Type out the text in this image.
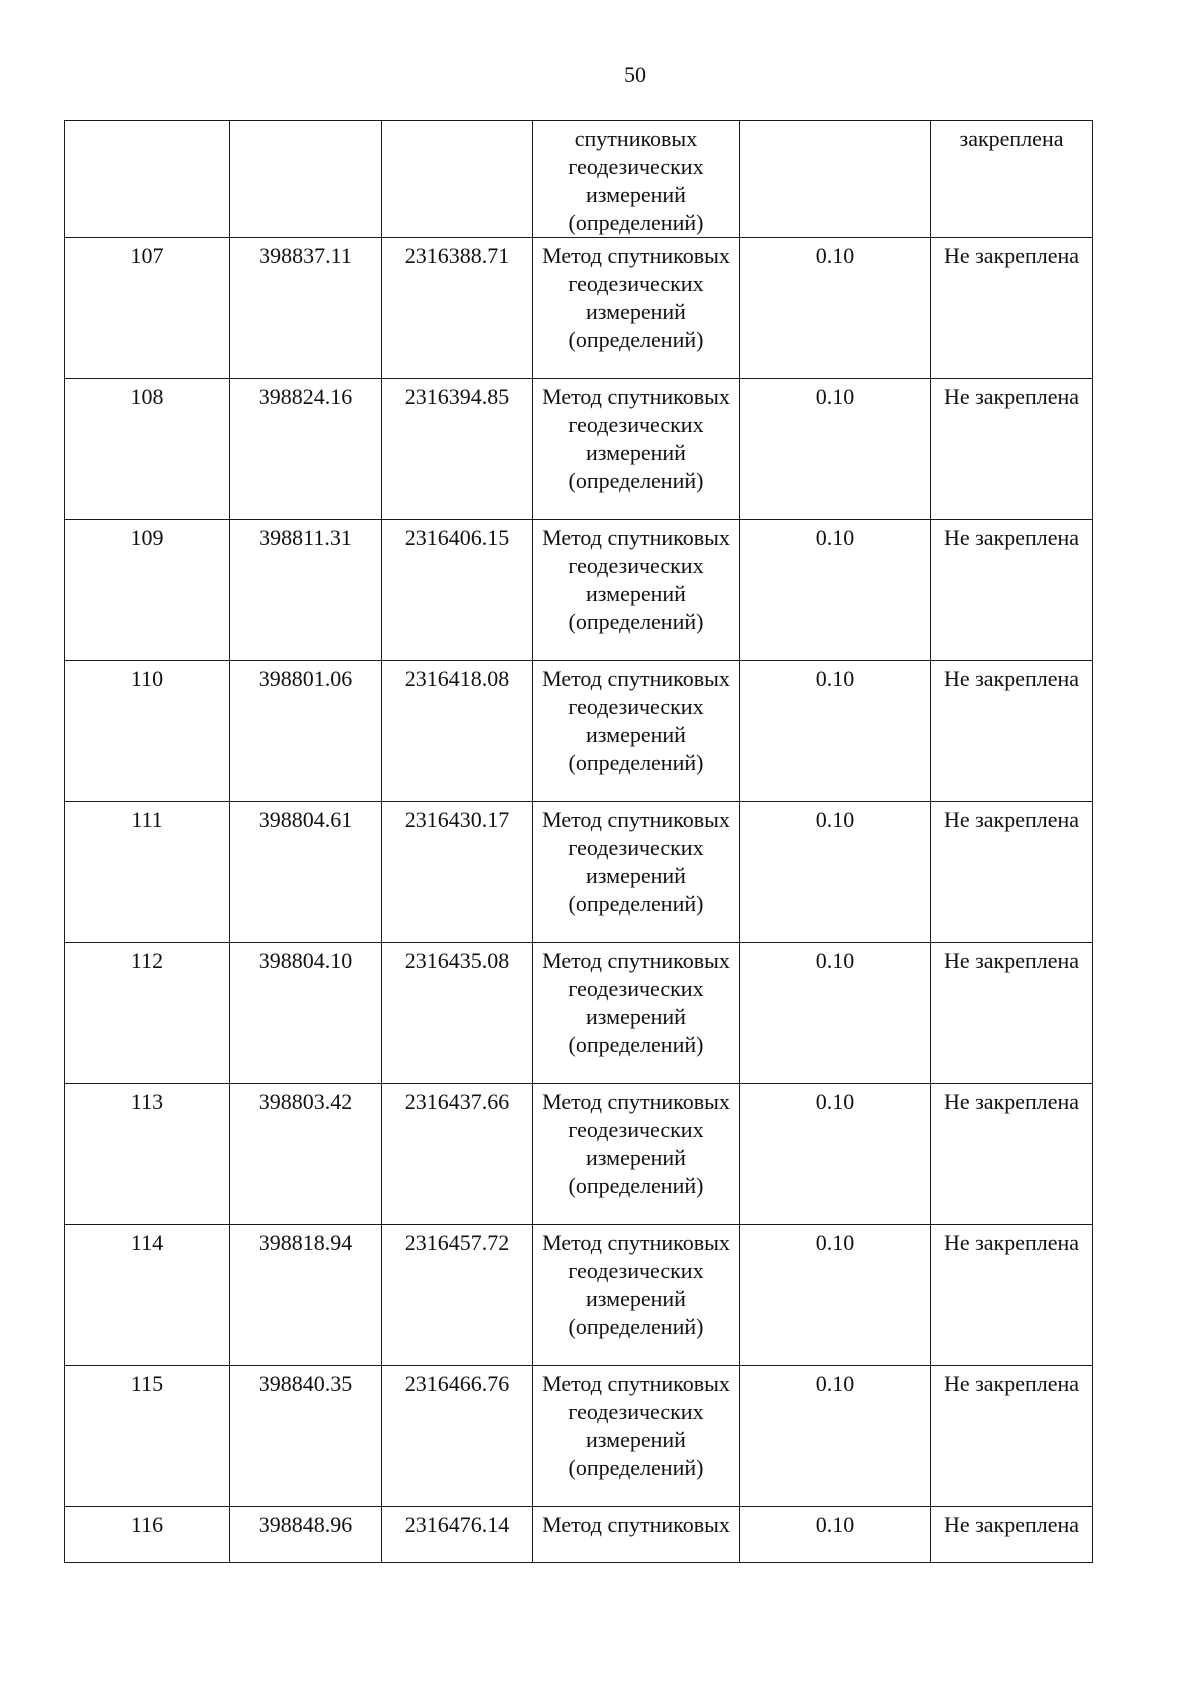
50

			спутниковых геодезических измерений (определений)		закреплена

107	398837.11	2316388.71	Метод спутниковых геодезических измерений (определений)	0.10	Не закреплена

108	398824.16	2316394.85	Метод спутниковых геодезических измерений (определений)	0.10	Не закреплена

109	398811.31	2316406.15	Метод спутниковых геодезических измерений (определений)	0.10	Не закреплена

110	398801.06	2316418.08	Метод спутниковых геодезических измерений (определений)	0.10	Не закреплена

111	398804.61	2316430.17	Метод спутниковых геодезических измерений (определений)	0.10	Не закреплена

112	398804.10	2316435.08	Метод спутниковых геодезических измерений (определений)	0.10	Не закреплена

113	398803.42	2316437.66	Метод спутниковых геодезических измерений (определений)	0.10	Не закреплена

114	398818.94	2316457.72	Метод спутниковых геодезических измерений (определений)	0.10	Не закреплена

115	398840.35	2316466.76	Метод спутниковых геодезических измерений (определений)	0.10	Не закреплена

116	398848.96	2316476.14	Метод спутниковых	0.10	Не закреплена
